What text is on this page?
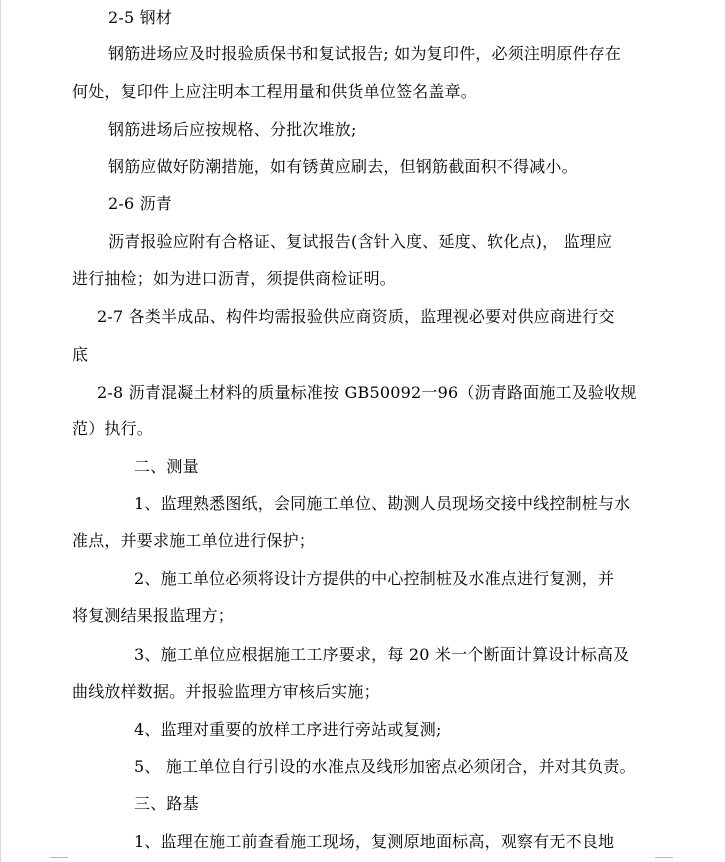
2-5 钢材
钢筋进场应及时报验质保书和复试报告; 如为复印件，必须注明原件存在
何处，复印件上应注明本工程用量和供货单位签名盖章。
钢筋进场后应按规格、分批次堆放;
钢筋应做好防潮措施，如有锈黄应刷去，但钢筋截面积不得减小。
2-6 沥青
沥青报验应附有合格证、复试报告(含针入度、延度、软化点)， 监理应
进行抽检；如为进口沥青，须提供商检证明。
2-7 各类半成品、构件均需报验供应商资质，监理视必要对供应商进行交
底
2-8 沥青混凝土材料的质量标准按 GB50092一96（沥青路面施工及验收规
范）执行。
二、测量
1、监理熟悉图纸，会同施工单位、勘测人员现场交接中线控制桩与水
准点，并要求施工单位进行保护；
2、施工单位必须将设计方提供的中心控制桩及水准点进行复测，并
将复测结果报监理方；
3、施工单位应根据施工工序要求，每 20 米一个断面计算设计标高及
曲线放样数据。并报验监理方审核后实施；
4、监理对重要的放样工序进行旁站或复测;
5、 施工单位自行引设的水准点及线形加密点必须闭合，并对其负责。
三、路基
1、监理在施工前查看施工现场，复测原地面标高，观察有无不良地
